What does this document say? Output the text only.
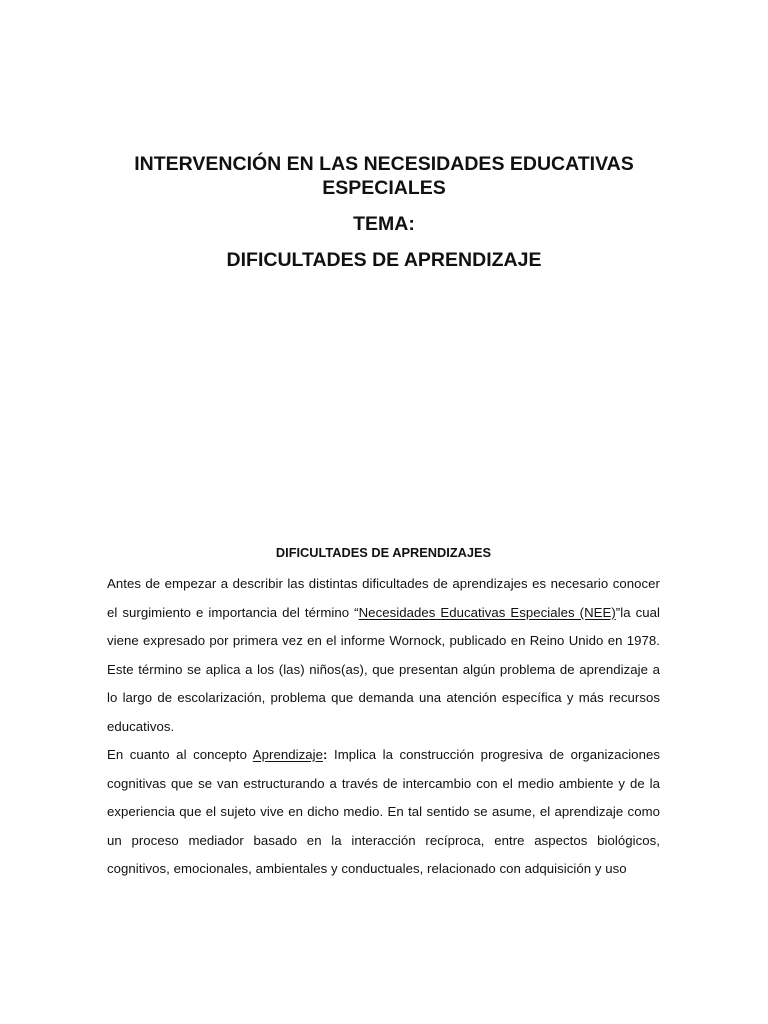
INTERVENCIÓN EN LAS NECESIDADES EDUCATIVAS ESPECIALES

TEMA:

DIFICULTADES DE APRENDIZAJE

DIFICULTADES DE APRENDIZAJES

Antes de empezar a describir las distintas dificultades de aprendizajes es necesario conocer el surgimiento e importancia del término “Necesidades Educativas Especiales (NEE)”la cual viene expresado por primera vez en el informe Wornock, publicado en Reino Unido en 1978. Este término se aplica a los (las) niños(as), que presentan algún problema de aprendizaje a lo largo de escolarización, problema que demanda una atención específica y más recursos educativos.

En cuanto al concepto Aprendizaje: Implica la construcción progresiva de organizaciones cognitivas que se van estructurando a través de intercambio con el medio ambiente y de la experiencia que el sujeto vive en dicho medio. En tal sentido se asume, el aprendizaje como un proceso mediador basado en la interacción recíproca, entre aspectos biológicos, cognitivos, emocionales, ambientales y conductuales, relacionado con adquisición y uso
